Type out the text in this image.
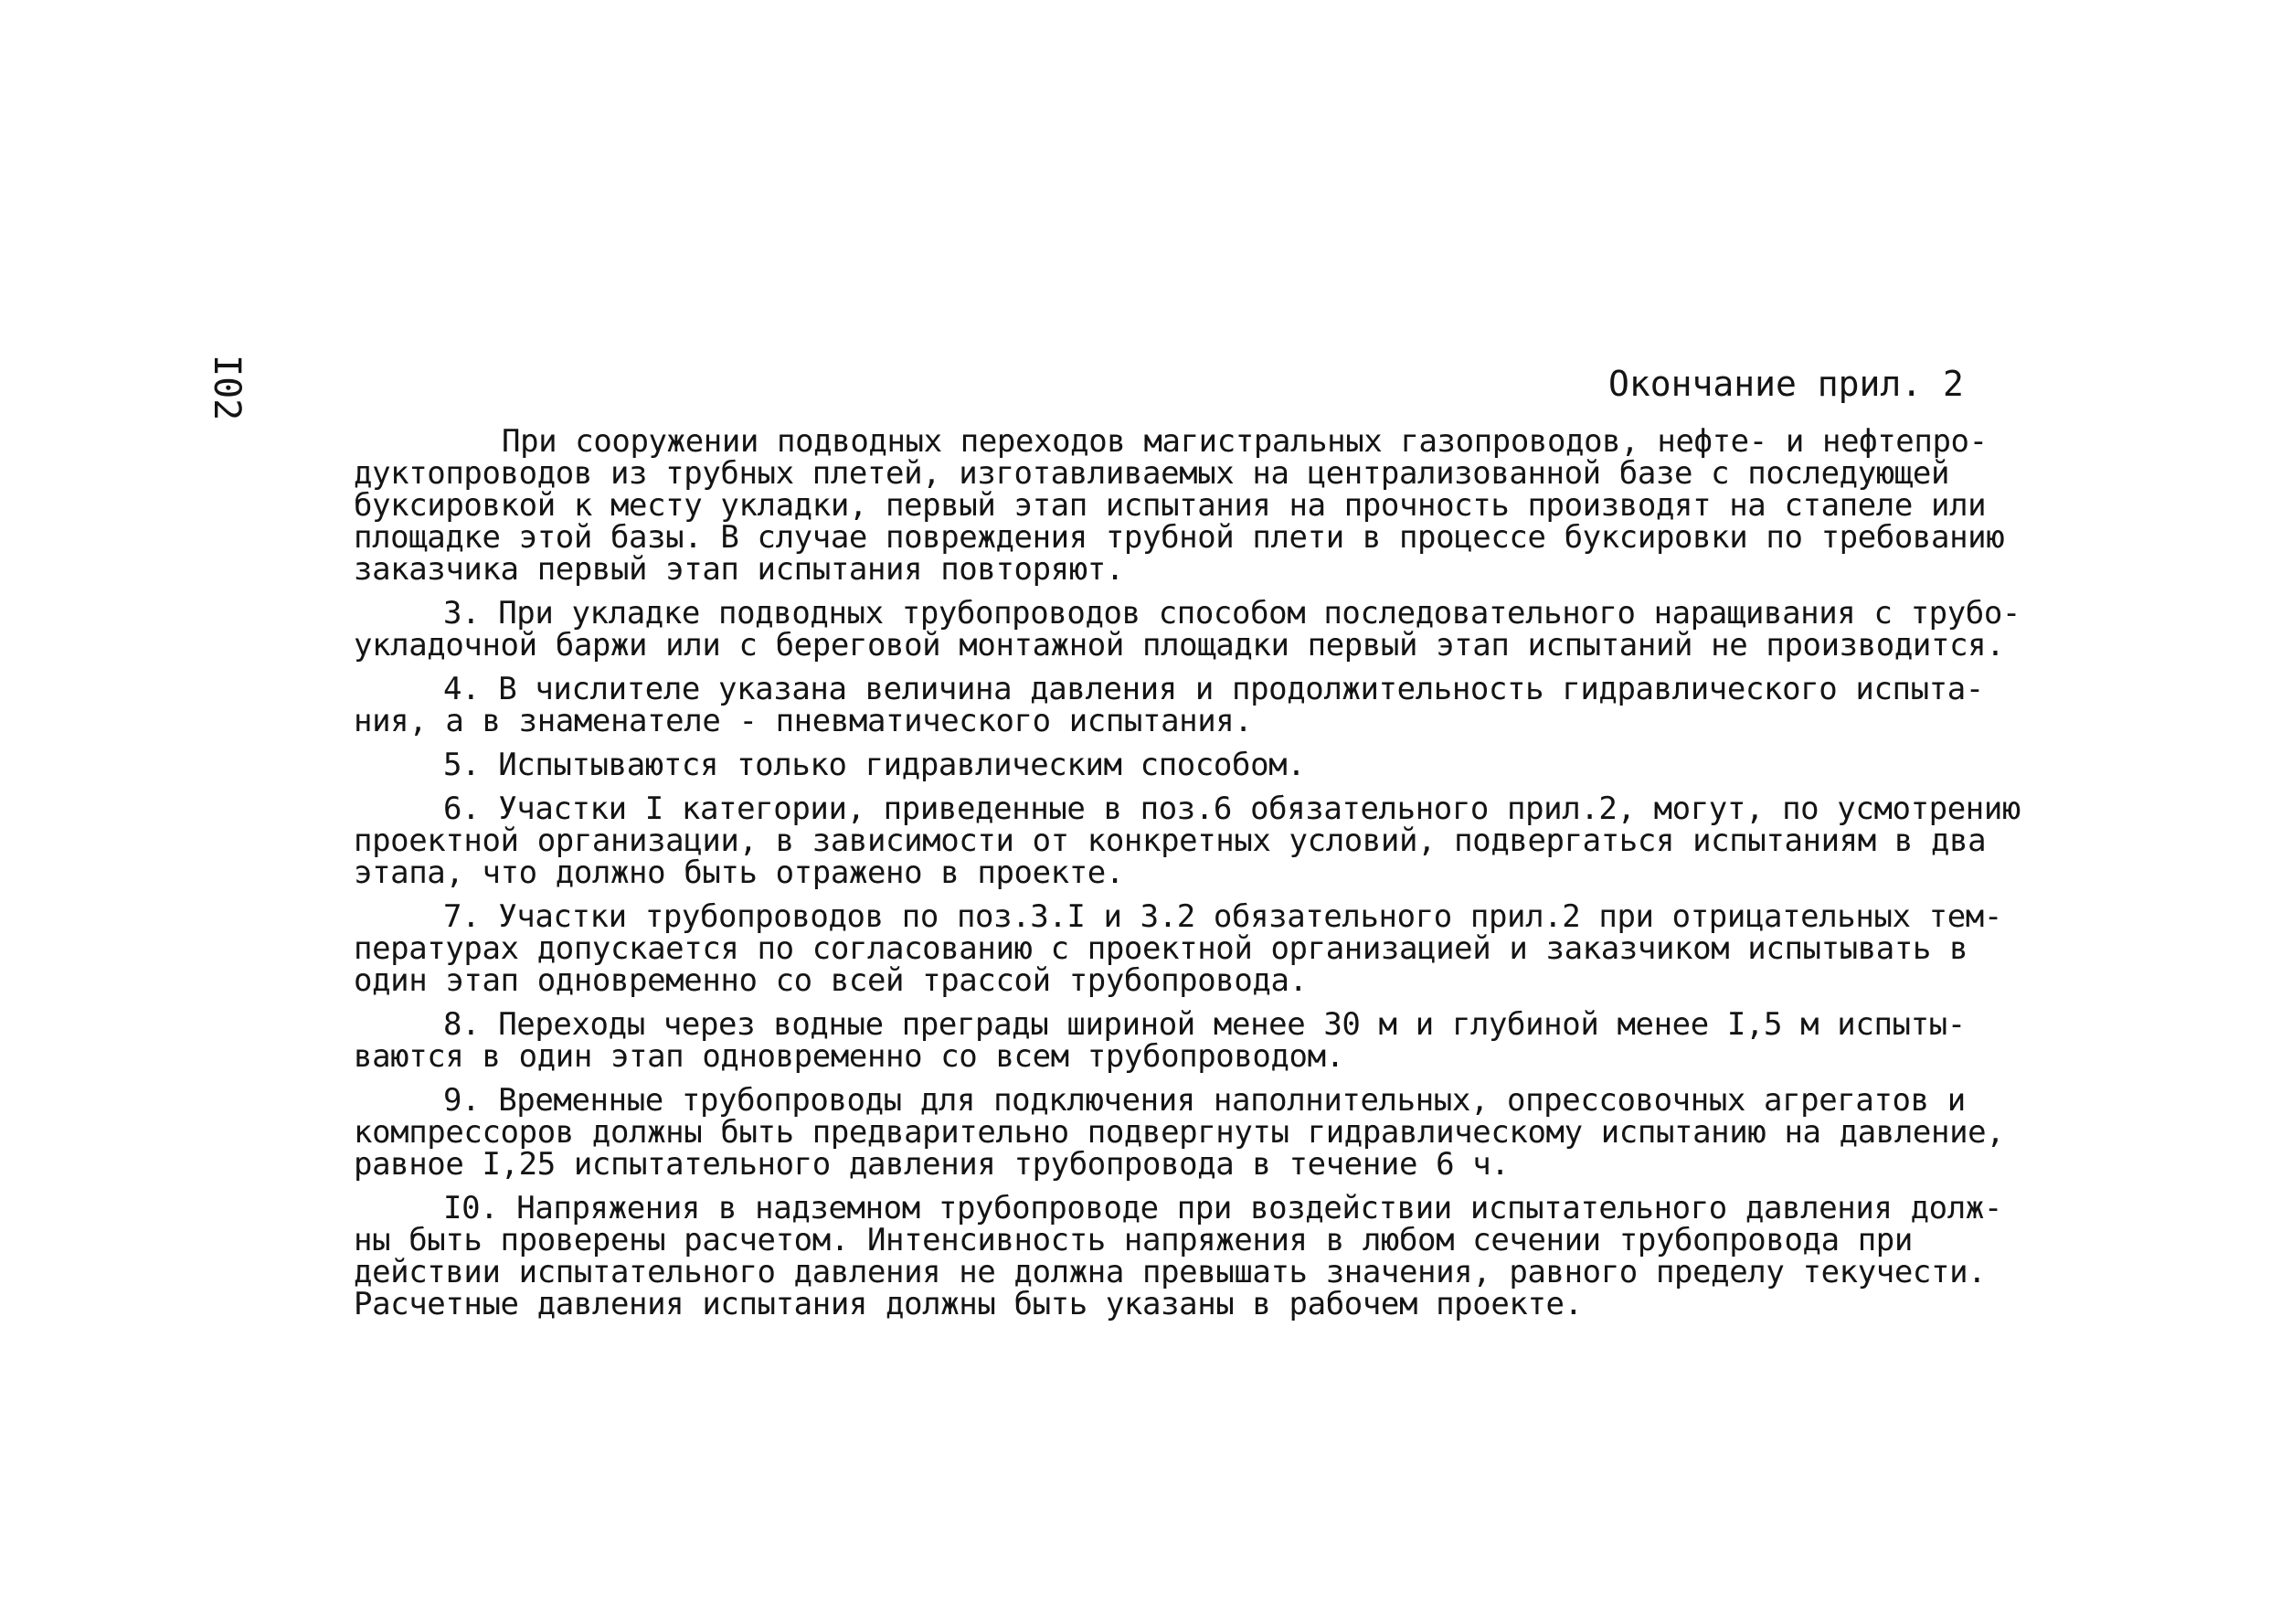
I02	Окончание прил. 2
При сооружении подводных переходов магистральных газопроводов, нефте- и нефтепро-
дуктопроводов из трубных плетей, изготавливаемых на централизованной базе с последующей
буксировкой к месту укладки, первый этап испытания на прочность производят на стапеле или
площадке этой базы. В случае повреждения трубной плети в процессе буксировки по требованию
заказчика первый этап испытания повторяют.
3. При укладке подводных трубопроводов способом последовательного наращивания с трубо-
укладочной баржи или с береговой монтажной площадки первый этап испытаний не производится.
4. В числителе указана величина давления и продолжительность гидравлического испыта-
ния, а в знаменателе - пневматического испытания.
5. Испытываются только гидравлическим способом.
6. Участки I категории, приведенные в поз.6 обязательного прил.2, могут, по усмотрению
проектной организации, в зависимости от конкретных условий, подвергаться испытаниям в два
этапа, что должно быть отражено в проекте.
7. Участки трубопроводов по поз.3.I и 3.2 обязательного прил.2 при отрицательных тем-
пературах допускается по согласованию с проектной организацией и заказчиком испытывать в
один этап одновременно со всей трассой трубопровода.
8. Переходы через водные преграды шириной менее 30 м и глубиной менее I,5 м испыты-
ваются в один этап одновременно со всем трубопроводом.
9. Временные трубопроводы для подключения наполнительных, опрессовочных агрегатов и
компрессоров должны быть предварительно подвергнуты гидравлическому испытанию на давление,
равное I,25 испытательного давления трубопровода в течение 6 ч.
I0. Напряжения в надземном трубопроводе при воздействии испытательного давления долж-
ны быть проверены расчетом. Интенсивность напряжения в любом сечении трубопровода при
действии испытательного давления не должна превышать значения, равного пределу текучести.
Расчетные давления испытания должны быть указаны в рабочем проекте.
